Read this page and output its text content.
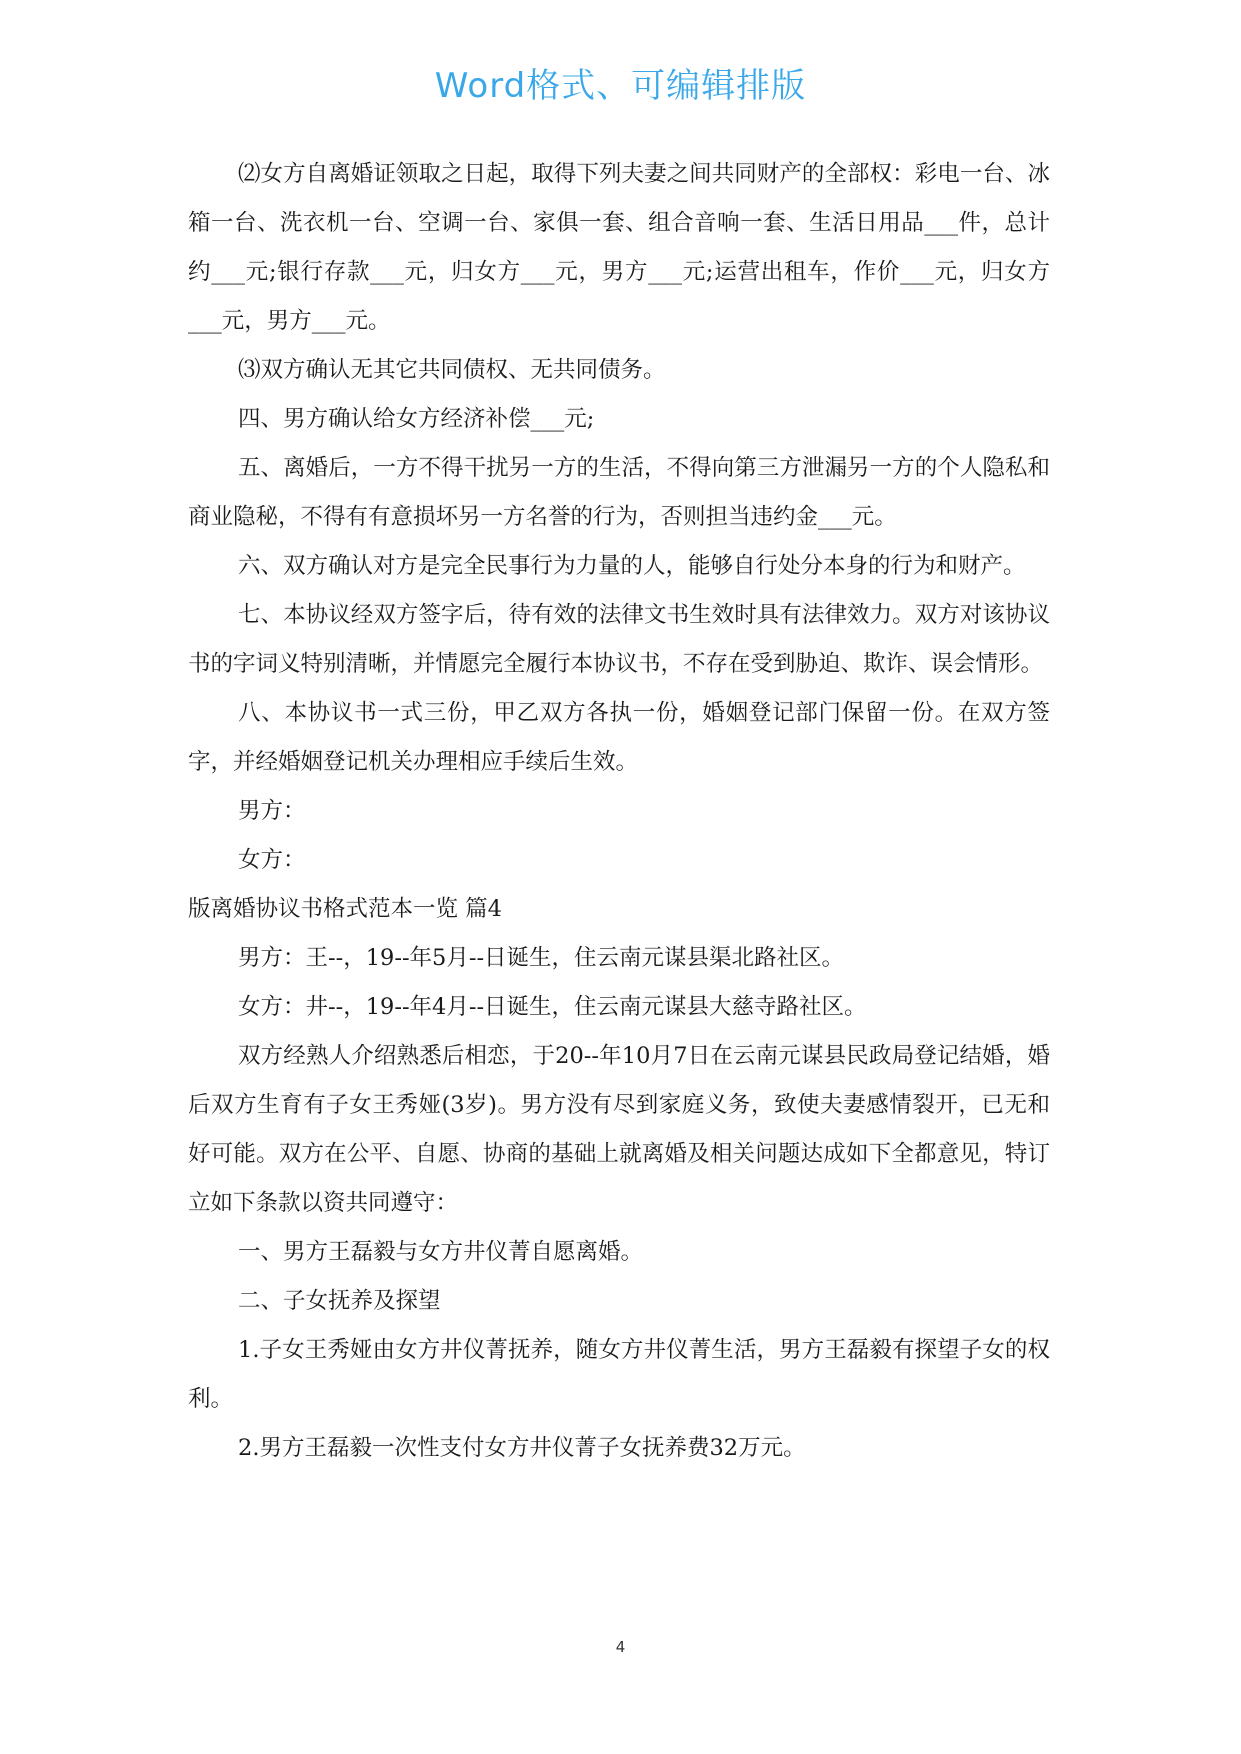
Word格式、可编辑排版

⑵女方自离婚证领取之日起，取得下列夫妻之间共同财产的全部权：彩电一台、冰箱一台、洗衣机一台、空调一台、家俱一套、组合音响一套、生活日用品___件，总计约___元;银行存款___元，归女方___元，男方___元;运营出租车，作价___元，归女方___元，男方___元。

⑶双方确认无其它共同债权、无共同债务。

四、男方确认给女方经济补偿___元;

五、离婚后，一方不得干扰另一方的生活，不得向第三方泄漏另一方的个人隐私和商业隐秘，不得有有意损坏另一方名誉的行为，否则担当违约金___元。

六、双方确认对方是完全民事行为力量的人，能够自行处分本身的行为和财产。

七、本协议经双方签字后，待有效的法律文书生效时具有法律效力。双方对该协议书的字词义特别清晰，并情愿完全履行本协议书，不存在受到胁迫、欺诈、误会情形。

八、本协议书一式三份，甲乙双方各执一份，婚姻登记部门保留一份。在双方签字，并经婚姻登记机关办理相应手续后生效。

男方：

女方：

版离婚协议书格式范本一览 篇4

男方：王--，19--年5月--日诞生，住云南元谋县渠北路社区。

女方：井--，19--年4月--日诞生，住云南元谋县大慈寺路社区。

双方经熟人介绍熟悉后相恋，于20--年10月7日在云南元谋县民政局登记结婚，婚后双方生育有子女王秀娅(3岁)。男方没有尽到家庭义务，致使夫妻感情裂开，已无和好可能。双方在公平、自愿、协商的基础上就离婚及相关问题达成如下全都意见，特订立如下条款以资共同遵守：

一、男方王磊毅与女方井仪菁自愿离婚。

二、子女抚养及探望

1.子女王秀娅由女方井仪菁抚养，随女方井仪菁生活，男方王磊毅有探望子女的权利。

2.男方王磊毅一次性支付女方井仪菁子女抚养费32万元。

4
